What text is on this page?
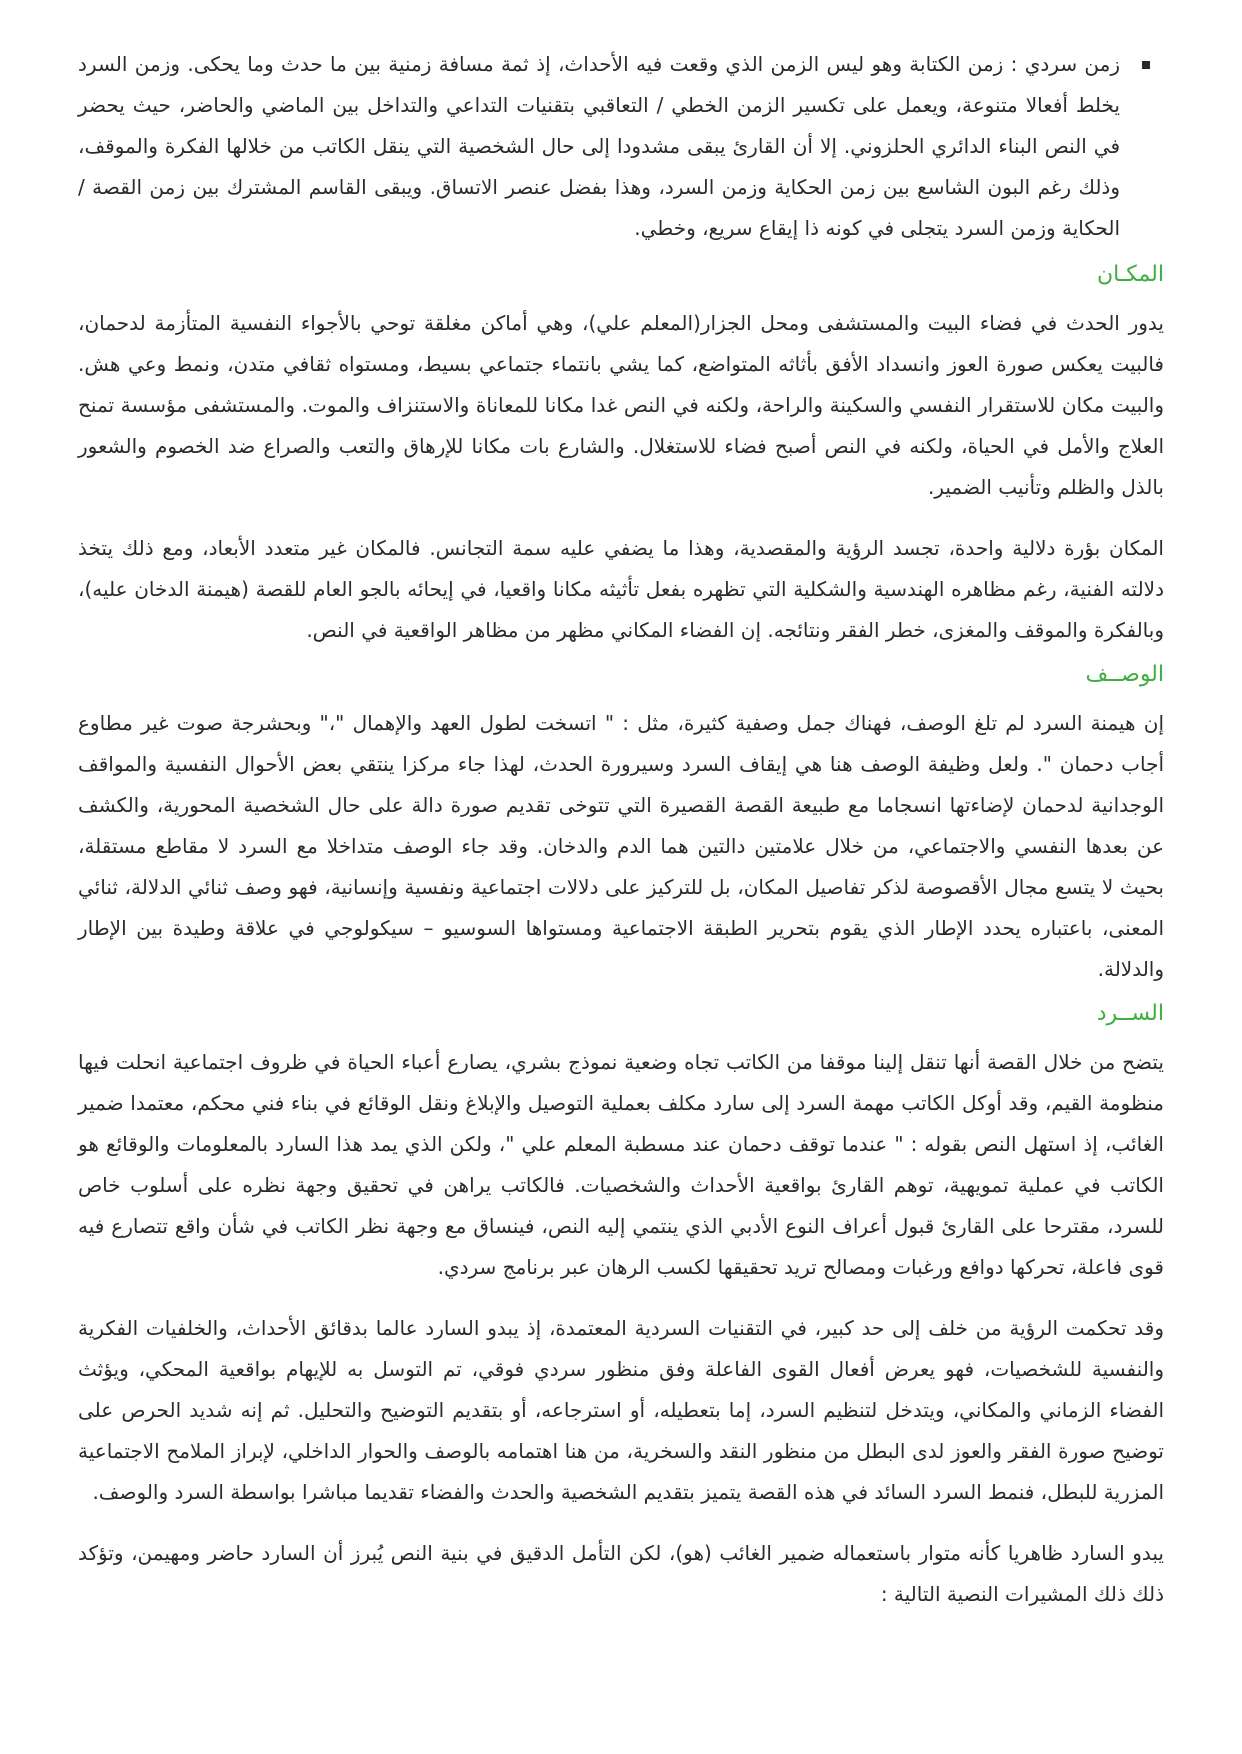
زمن سردي : زمن الكتابة وهو ليس الزمن الذي وقعت فيه الأحداث، إذ ثمة مسافة زمنية بين ما حدث وما يحكى. وزمن السرد يخلط أفعالا متنوعة، ويعمل على تكسير الزمن الخطي / التعاقبي بتقنيات التداعي والتداخل بين الماضي والحاضر، حيث يحضر في النص البناء الدائري الحلزوني. إلا أن القارئ يبقى مشدودا إلى حال الشخصية التي ينقل الكاتب من خلالها الفكرة والموقف، وذلك رغم البون الشاسع بين زمن الحكاية وزمن السرد، وهذا بفضل عنصر الاتساق. ويبقى القاسم المشترك بين زمن القصة / الحكاية وزمن السرد يتجلى في كونه ذا إيقاع سريع، وخطي.
المكـان

يدور الحدث في فضاء البيت والمستشفى ومحل الجزار(المعلم علي)، وهي أماكن مغلقة توحي بالأجواء النفسية المتأزمة لدحمان، فالبيت يعكس صورة العوز وانسداد الأفق بأثاثه المتواضع، كما يشي بانتماء جتماعي بسيط، ومستواه ثقافي متدن، ونمط وعي هش. والبيت مكان للاستقرار النفسي والسكينة والراحة، ولكنه في النص غدا مكانا للمعاناة والاستنزاف والموت. والمستشفى مؤسسة تمنح العلاج والأمل في الحياة، ولكنه في النص أصبح فضاء للاستغلال. والشارع بات مكانا للإرهاق والتعب والصراع ضد الخصوم والشعور بالذل والظلم وتأنيب الضمير.

المكان بؤرة دلالية واحدة، تجسد الرؤية والمقصدية، وهذا ما يضفي عليه سمة التجانس. فالمكان غير متعدد الأبعاد، ومع ذلك يتخذ دلالته الفنية، رغم مظاهره الهندسية والشكلية التي تظهره بفعل تأثيثه مكانا واقعيا، في إيحائه بالجو العام للقصة (هيمنة الدخان عليه)، وبالفكرة والموقف والمغزى، خطر الفقر ونتائجه. إن الفضاء المكاني مظهر من مظاهر الواقعية في النص.

الوصــف

إن هيمنة السرد لم تلغ الوصف، فهناك جمل وصفية كثيرة، مثل : " اتسخت لطول العهد والإهمال "،" وبحشرجة صوت غير مطاوع أجاب دحمان ". ولعل وظيفة الوصف هنا هي إيقاف السرد وسيرورة الحدث، لهذا جاء مركزا ينتقي بعض الأحوال النفسية والمواقف الوجدانية لدحمان لإضاءتها انسجاما مع طبيعة القصة القصيرة التي تتوخى تقديم صورة دالة على حال الشخصية المحورية، والكشف عن بعدها النفسي والاجتماعي، من خلال علامتين دالتين هما الدم والدخان. وقد جاء الوصف متداخلا مع السرد لا مقاطع مستقلة، بحيث لا يتسع مجال الأقصوصة لذكر تفاصيل المكان، بل للتركيز على دلالات اجتماعية ونفسية وإنسانية، فهو وصف ثنائي الدلالة، ثنائي المعنى، باعتباره يحدد الإطار الذي يقوم بتحرير الطبقة الاجتماعية ومستواها السوسيو – سيكولوجي في علاقة وطيدة بين الإطار والدلالة.

الســرد

يتضح من خلال القصة أنها تنقل إلينا موقفا من الكاتب تجاه وضعية نموذج بشري، يصارع أعباء الحياة في ظروف اجتماعية انحلت فيها منظومة القيم، وقد أوكل الكاتب مهمة السرد إلى سارد مكلف بعملية التوصيل والإبلاغ ونقل الوقائع في بناء فني محكم، معتمدا ضمير الغائب، إذ استهل النص بقوله : " عندما توقف دحمان عند مسطبة المعلم علي "، ولكن الذي يمد هذا السارد بالمعلومات والوقائع هو الكاتب في عملية تمويهية، توهم القارئ بواقعية الأحداث والشخصيات. فالكاتب يراهن في تحقيق وجهة نظره على أسلوب خاص للسرد، مقترحا على القارئ قبول أعراف النوع الأدبي الذي ينتمي إليه النص، فينساق مع وجهة نظر الكاتب في شأن واقع تتصارع فيه قوى فاعلة، تحركها دوافع ورغبات ومصالح تريد تحقيقها لكسب الرهان عبر برنامج سردي.

وقد تحكمت الرؤية من خلف إلى حد كبير، في التقنيات السردية المعتمدة، إذ يبدو السارد عالما بدقائق الأحداث، والخلفيات الفكرية والنفسية للشخصيات، فهو يعرض أفعال القوى الفاعلة وفق منظور سردي فوقي، تم التوسل به للإيهام بواقعية المحكي، ويؤثث الفضاء الزماني والمكاني، ويتدخل لتنظيم السرد، إما بتعطيله، أو استرجاعه، أو بتقديم التوضيح والتحليل. ثم إنه شديد الحرص على توضيح صورة الفقر والعوز لدى البطل من منظور النقد والسخرية، من هنا اهتمامه بالوصف والحوار الداخلي، لإبراز الملامح الاجتماعية المزرية للبطل، فنمط السرد السائد في هذه القصة يتميز بتقديم الشخصية والحدث والفضاء تقديما مباشرا بواسطة السرد والوصف.

يبدو السارد ظاهريا كأنه متوار باستعماله ضمير الغائب (هو)، لكن التأمل الدقيق في بنية النص يُبرز أن السارد حاضر ومهيمن، وتؤكد ذلك ذلك المشيرات النصية التالية :
